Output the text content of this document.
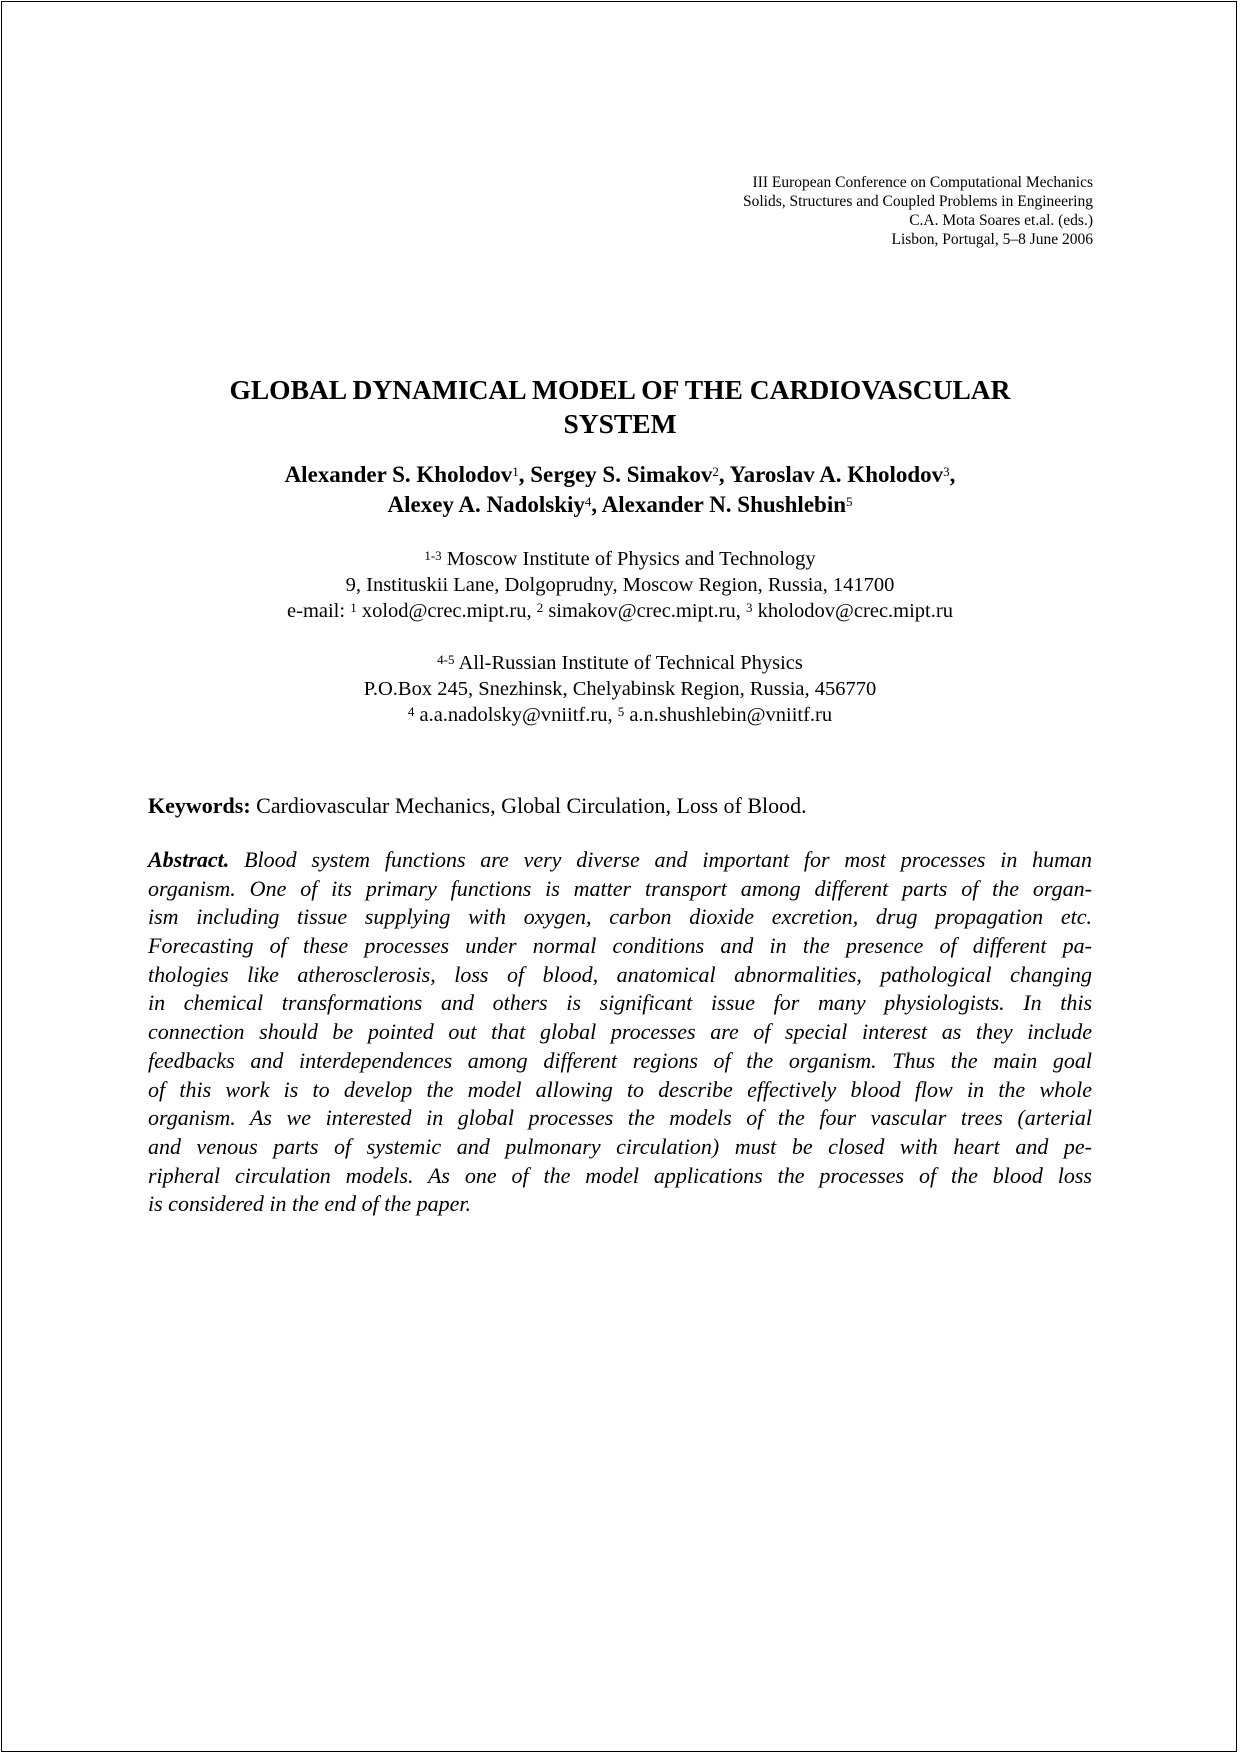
III European Conference on Computational Mechanics
Solids, Structures and Coupled Problems in Engineering
C.A. Mota Soares et.al. (eds.)
Lisbon, Portugal, 5–8 June 2006
GLOBAL DYNAMICAL MODEL OF THE CARDIOVASCULAR
SYSTEM
Alexander S. Kholodov$^1$, Sergey S. Simakov$^2$, Yaroslav A. Kholodov$^3$,
Alexey A. Nadolskiy$^4$, Alexander N. Shushlebin$^5$
$^{1-3}$ Moscow Institute of Physics and Technology
9, Instituskii Lane, Dolgoprudny, Moscow Region, Russia, 141700
e-mail: $^1$ xolod@crec.mipt.ru, $^2$ simakov@crec.mipt.ru, $^3$ kholodov@crec.mipt.ru
$^{4-5}$ All-Russian Institute of Technical Physics
P.O.Box 245, Snezhinsk, Chelyabinsk Region, Russia, 456770
$^4$ a.a.nadolsky@vniitf.ru, $^5$ a.n.shushlebin@vniitf.ru
Keywords: Cardiovascular Mechanics, Global Circulation, Loss of Blood.
Abstract. Blood system functions are very diverse and important for most processes in human
organism. One of its primary functions is matter transport among different parts of the organ-
ism including tissue supplying with oxygen, carbon dioxide excretion, drug propagation etc.
Forecasting of these processes under normal conditions and in the presence of different pa-
thologies like atherosclerosis, loss of blood, anatomical abnormalities, pathological changing
in chemical transformations and others is significant issue for many physiologists. In this
connection should be pointed out that global processes are of special interest as they include
feedbacks and interdependences among different regions of the organism. Thus the main goal
of this work is to develop the model allowing to describe effectively blood flow in the whole
organism. As we interested in global processes the models of the four vascular trees (arterial
and venous parts of systemic and pulmonary circulation) must be closed with heart and pe-
ripheral circulation models. As one of the model applications the processes of the blood loss
is considered in the end of the paper.
